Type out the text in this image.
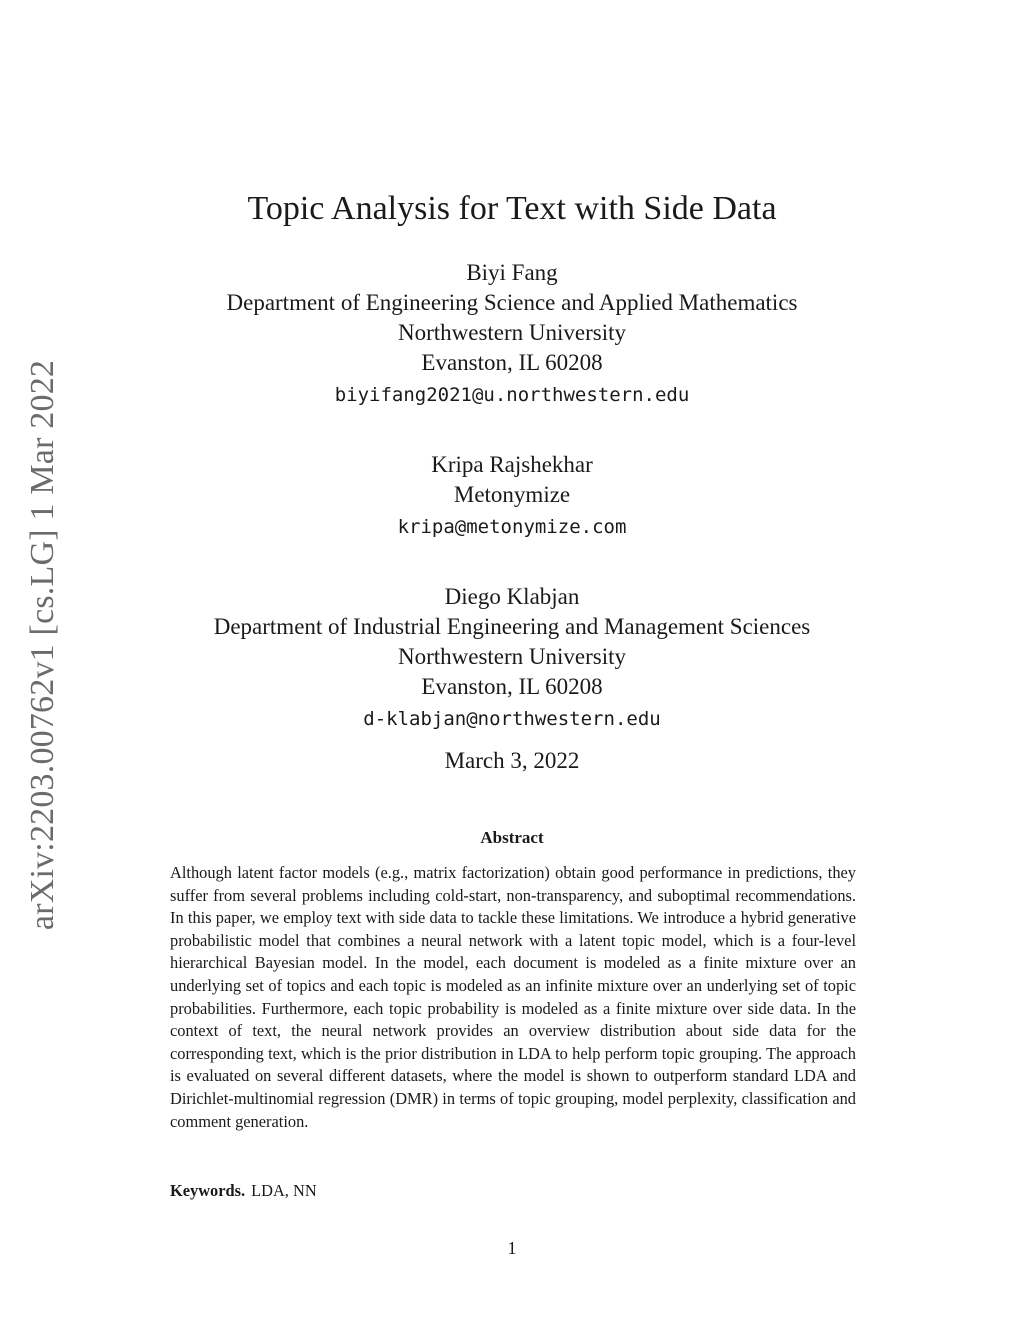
arXiv:2203.00762v1 [cs.LG] 1 Mar 2022
Topic Analysis for Text with Side Data
Biyi Fang
Department of Engineering Science and Applied Mathematics
Northwestern University
Evanston, IL 60208
biyifang2021@u.northwestern.edu
Kripa Rajshekhar
Metonymize
kripa@metonymize.com
Diego Klabjan
Department of Industrial Engineering and Management Sciences
Northwestern University
Evanston, IL 60208
d-klabjan@northwestern.edu
March 3, 2022
Abstract
Although latent factor models (e.g., matrix factorization) obtain good performance in predictions, they suffer from several problems including cold-start, non-transparency, and suboptimal recommendations. In this paper, we employ text with side data to tackle these limitations. We introduce a hybrid generative probabilistic model that combines a neural network with a latent topic model, which is a four-level hierarchical Bayesian model. In the model, each document is modeled as a finite mixture over an underlying set of topics and each topic is modeled as an infinite mixture over an underlying set of topic probabilities. Furthermore, each topic probability is modeled as a finite mixture over side data. In the context of text, the neural network provides an overview distribution about side data for the corresponding text, which is the prior distribution in LDA to help perform topic grouping. The approach is evaluated on several different datasets, where the model is shown to outperform standard LDA and Dirichlet-multinomial regression (DMR) in terms of topic grouping, model perplexity, classification and comment generation.
Keywords. LDA, NN
1
